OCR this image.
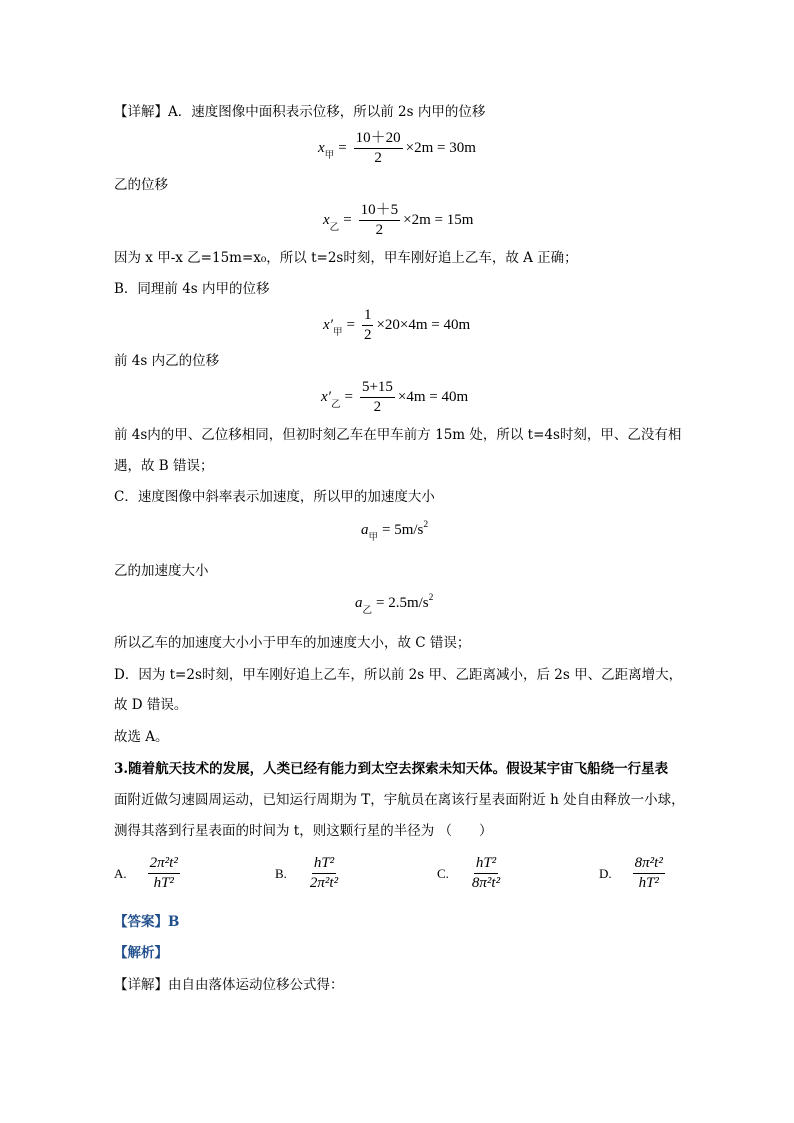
【详解】A．速度图像中面积表示位移，所以前 2s 内甲的位移
x 甲 = $\frac{10+20}{2} \times 2m = 30m$
乙的位移
x 乙 = $\frac{10+5}{2} \times 2m = 15m$
因为 x 甲-x 乙=15m=x₀，所以 t=2s时刻，甲车刚好追上乙车，故 A 正确；
B．同理前 4s 内甲的位移
x′ 甲 = $\frac{1}{2} \times 20\times 4m = 40m$
前 4s 内乙的位移
x′ 乙 = $\frac{5+15}{2} \times 4m = 40m$
前 4s内的甲、乙位移相同，但初时刻乙车在甲车前方 15m 处，所以 t=4s时刻，甲、乙没有相
遇，故 B 错误；
C．速度图像中斜率表示加速度，所以甲的加速度大小
a 甲 = 5m/s 2
乙的加速度大小
a 乙 = 2.5m/s 2
所以乙车的加速度大小小于甲车的加速度大小，故 C 错误；
D．因为 t=2s时刻，甲车刚好追上乙车，所以前 2s 甲、乙距离减小，后 2s 甲、乙距离增大，
故 D 错误。
故选 A。
3.随着航天技术的发展，人类已经有能力到太空去探索未知天体。假设某宇宙飞船绕一行星表
面附近做匀速圆周运动，已知运行周期为 T，宇航员在离该行星表面附近 h 处自由释放一小球，
测得其落到行星表面的时间为 t，则这颗行星的半径为 （　　）
A. $\frac{\text{2π²t²}}{\text{hT²}}$	B. $\frac{\text{hT²}}{\text{2π²t²}}$	C. $\frac{\text{hT²}}{\text{8π²t²}}$	D. $\frac{\text{8π²t²}}{\text{hT²}}$
【答案】B
【解析】
【详解】由自由落体运动位移公式得：
